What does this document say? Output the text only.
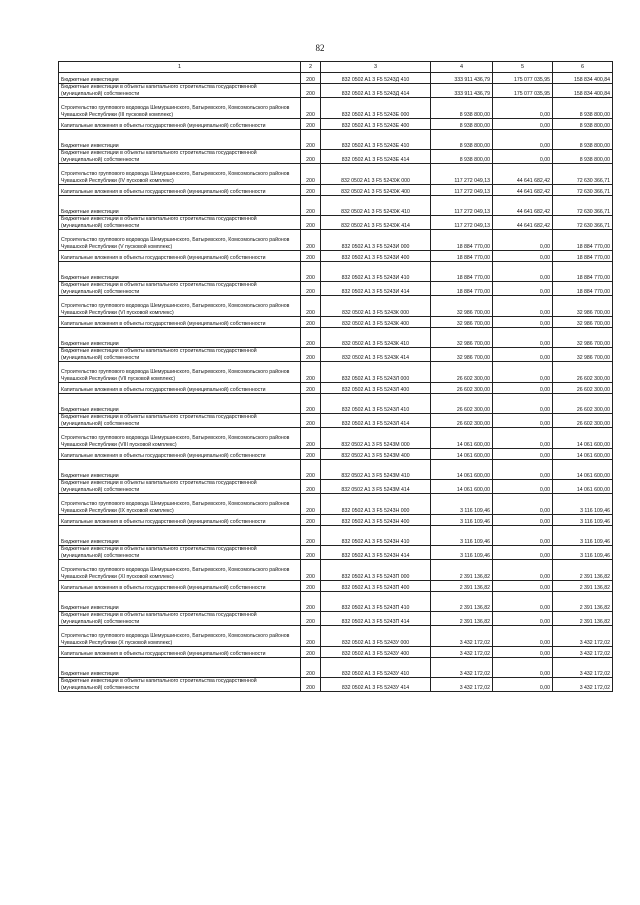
82
1	2	3	4	5	6
Бюджетные инвестиции	200	832 0502 A1 3 F5 5243Д 410	333 911 436,79	175 077 035,95	158 834 400,84
Бюджетные инвестиции в объекты капитального строительства государственной (муниципальной) собственности	200	832 0502 A1 3 F5 5243Д 414	333 911 436,79	175 077 035,95	158 834 400,84
Строительство группового водовода Шемуршинского, Батыревского, Комсомольского районов Чувашской Республики (III пусковой комплекс)	200	832 0502 A1 3 F5 5243Е 000	8 938 800,00	0,00	8 938 800,00
Капитальные вложения в объекты государственной (муниципальной) собственности	200	832 0502 A1 3 F5 5243Е 400	8 938 800,00	0,00	8 938 800,00
Бюджетные инвестиции	200	832 0502 A1 3 F5 5243Е 410	8 938 800,00	0,00	8 938 800,00
Бюджетные инвестиции в объекты капитального строительства государственной (муниципальной) собственности	200	832 0502 A1 3 F5 5243Е 414	8 938 800,00	0,00	8 938 800,00
Строительство группового водовода Шемуршинского, Батыревского, Комсомольского районов Чувашской Республики (IV пусковой комплекс)	200	832 0502 A1 3 F5 5243Ж 000	117 272 049,13	44 641 682,42	72 630 366,71
Капитальные вложения в объекты государственной (муниципальной) собственности	200	832 0502 A1 3 F5 5243Ж 400	117 272 049,13	44 641 682,42	72 630 366,71
Бюджетные инвестиции	200	832 0502 A1 3 F5 5243Ж 410	117 272 049,13	44 641 682,42	72 630 366,71
Бюджетные инвестиции в объекты капитального строительства государственной (муниципальной) собственности	200	832 0502 A1 3 F5 5243Ж 414	117 272 049,13	44 641 682,42	72 630 366,71
Строительство группового водовода Шемуршинского, Батыревского, Комсомольского районов Чувашской Республики (V пусковой комплекс)	200	832 0502 A1 3 F5 5243И 000	18 884 770,00	0,00	18 884 770,00
Капитальные вложения в объекты государственной (муниципальной) собственности	200	832 0502 A1 3 F5 5243И 400	18 884 770,00	0,00	18 884 770,00
Бюджетные инвестиции	200	832 0502 A1 3 F5 5243И 410	18 884 770,00	0,00	18 884 770,00
Бюджетные инвестиции в объекты капитального строительства государственной (муниципальной) собственности	200	832 0502 A1 3 F5 5243И 414	18 884 770,00	0,00	18 884 770,00
Строительство группового водовода Шемуршинского, Батыревского, Комсомольского районов Чувашской Республики (VI пусковой комплекс)	200	832 0502 A1 3 F5 5243К 000	32 986 700,00	0,00	32 986 700,00
Капитальные вложения в объекты государственной (муниципальной) собственности	200	832 0502 A1 3 F5 5243К 400	32 986 700,00	0,00	32 986 700,00
Бюджетные инвестиции	200	832 0502 A1 3 F5 5243К 410	32 986 700,00	0,00	32 986 700,00
Бюджетные инвестиции в объекты капитального строительства государственной (муниципальной) собственности	200	832 0502 A1 3 F5 5243К 414	32 986 700,00	0,00	32 986 700,00
Строительство группового водовода Шемуршинского, Батыревского, Комсомольского районов Чувашской Республики (VII пусковой комплекс)	200	832 0502 A1 3 F5 5243Л 000	26 602 300,00	0,00	26 602 300,00
Капитальные вложения в объекты государственной (муниципальной) собственности	200	832 0502 A1 3 F5 5243Л 400	26 602 300,00	0,00	26 602 300,00
Бюджетные инвестиции	200	832 0502 A1 3 F5 5243Л 410	26 602 300,00	0,00	26 602 300,00
Бюджетные инвестиции в объекты капитального строительства государственной (муниципальной) собственности	200	832 0502 A1 3 F5 5243Л 414	26 602 300,00	0,00	26 602 300,00
Строительство группового водовода Шемуршинского, Батыревского, Комсомольского районов Чувашской Республики (VIII пусковой комплекс)	200	832 0502 A1 3 F5 5243М 000	14 061 600,00	0,00	14 061 600,00
Капитальные вложения в объекты государственной (муниципальной) собственности	200	832 0502 A1 3 F5 5243М 400	14 061 600,00	0,00	14 061 600,00
Бюджетные инвестиции	200	832 0502 A1 3 F5 5243М 410	14 061 600,00	0,00	14 061 600,00
Бюджетные инвестиции в объекты капитального строительства государственной (муниципальной) собственности	200	832 0502 A1 3 F5 5243М 414	14 061 600,00	0,00	14 061 600,00
Строительство группового водовода Шемуршинского, Батыревского, Комсомольского районов Чувашской Республики (IX пусковой комплекс)	200	832 0502 A1 3 F5 5243Н 000	3 116 109,46	0,00	3 116 109,46
Капитальные вложения в объекты государственной (муниципальной) собственности	200	832 0502 A1 3 F5 5243Н 400	3 116 109,46	0,00	3 116 109,46
Бюджетные инвестиции	200	832 0502 A1 3 F5 5243Н 410	3 116 109,46	0,00	3 116 109,46
Бюджетные инвестиции в объекты капитального строительства государственной (муниципальной) собственности	200	832 0502 A1 3 F5 5243Н 414	3 116 109,46	0,00	3 116 109,46
Строительство группового водовода Шемуршинского, Батыревского, Комсомольского районов Чувашской Республики (XI пусковой комплекс)	200	832 0502 A1 3 F5 5243П 000	2 391 136,82	0,00	2 391 136,82
Капитальные вложения в объекты государственной (муниципальной) собственности	200	832 0502 A1 3 F5 5243П 400	2 391 136,82	0,00	2 391 136,82
Бюджетные инвестиции	200	832 0502 A1 3 F5 5243П 410	2 391 136,82	0,00	2 391 136,82
Бюджетные инвестиции в объекты капитального строительства государственной (муниципальной) собственности	200	832 0502 A1 3 F5 5243П 414	2 391 136,82	0,00	2 391 136,82
Строительство группового водовода Шемуршинского, Батыревского, Комсомольского районов Чувашской Республики (X пусковой комплекс)	200	832 0502 A1 3 F5 5243У 000	3 432 172,02	0,00	3 432 172,02
Капитальные вложения в объекты государственной (муниципальной) собственности	200	832 0502 A1 3 F5 5243У 400	3 432 172,02	0,00	3 432 172,02
Бюджетные инвестиции	200	832 0502 A1 3 F5 5243У 410	3 432 172,02	0,00	3 432 172,02
Бюджетные инвестиции в объекты капитального строительства государственной (муниципальной) собственности	200	832 0502 A1 3 F5 5243У 414	3 432 172,02	0,00	3 432 172,02
